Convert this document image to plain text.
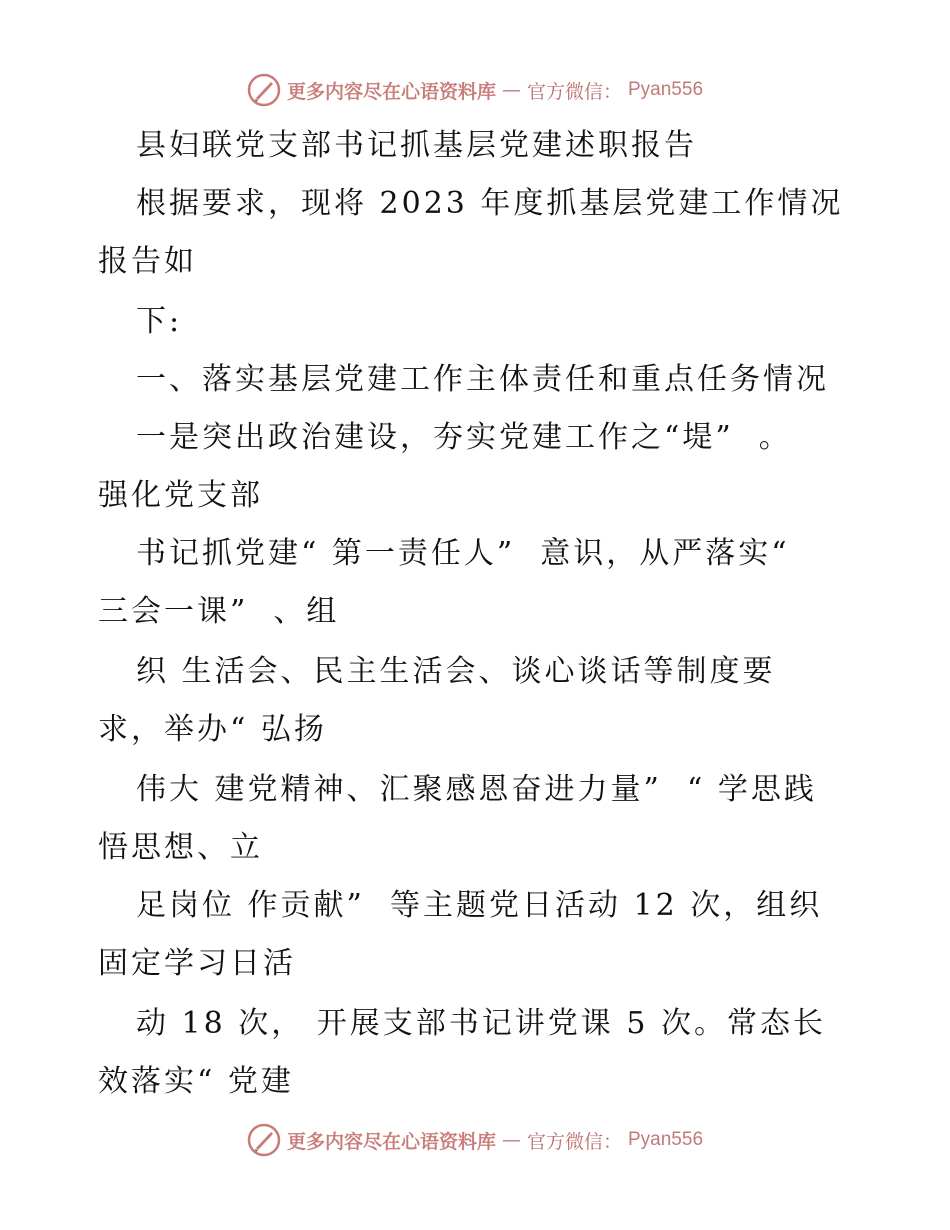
更多内容尽在心语资料库 — 官方微信： Pyan556
县妇联党支部书记抓基层党建述职报告
根据要求，现将 2023 年度抓基层党建工作情况
报告如
下:
一、落实基层党建工作主体责任和重点任务情况
一是突出政治建设，夯实党建工作之“堤”  。
强化党支部
书记抓党建“ 第一责任人”  意识，从严落实“
三会一课”  、组
织 生活会、民主生活会、谈心谈话等制度要
求，举办“ 弘扬
伟大 建党精神、汇聚感恩奋进力量”  “ 学思践
悟思想、立
足岗位 作贡献”  等主题党日活动 12 次，组织
固定学习日活
动 18 次， 开展支部书记讲党课 5 次。常态长
效落实“ 党建
更多内容尽在心语资料库 — 官方微信： Pyan556
